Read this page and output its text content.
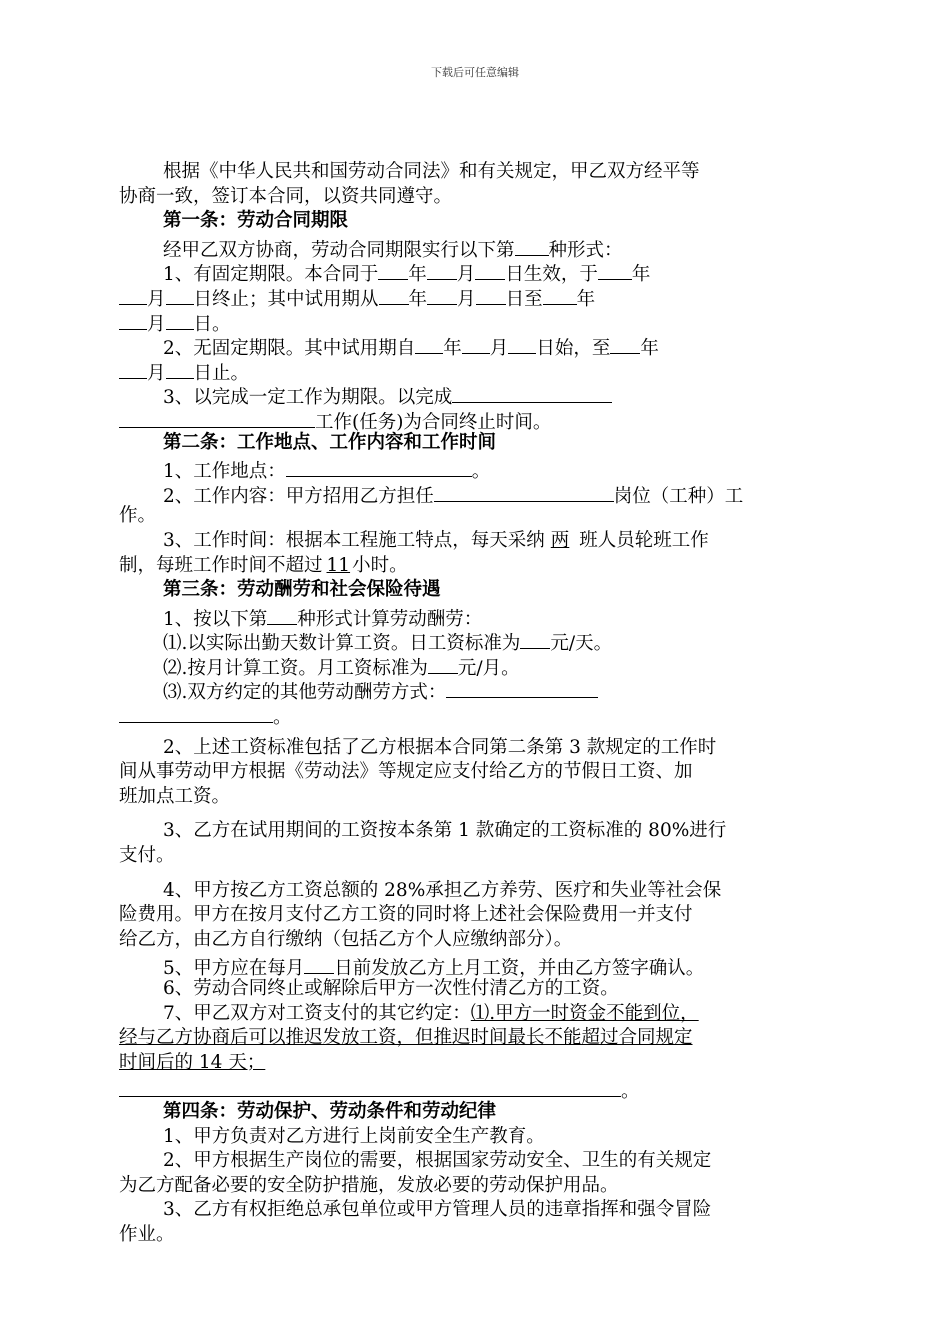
下载后可任意编辑
根据《中华人民共和国劳动合同法》和有关规定，甲乙双方经平等
协商一致，签订本合同，以资共同遵守。
第一条：劳动合同期限
经甲乙双方协商，劳动合同期限实行以下第 种形式：
1、有固定期限。本合同于 年 月 日生效，于 年
月 日终止；其中试用期从 年 月 日至 年
月 日。
2、无固定期限。其中试用期自 年 月 日始，至 年
月 日止。
3、以完成一定工作为期限。以完成
工作(任务)为合同终止时间。
第二条：工作地点、工作内容和工作时间
1、工作地点：	。
2、工作内容：甲方招用乙方担任	岗位（工种）工
作。
3、工作时间：根据本工程施工特点，每天采纳 两 班人员轮班工作
制，每班工作时间不超过 11 小时。
第三条：劳动酬劳和社会保险待遇
1、按以下第 种形式计算劳动酬劳：
⑴.以实际出勤天数计算工资。日工资标准为 元/天。
⑵.按月计算工资。月工资标准为 元/月。
⑶.双方约定的其他劳动酬劳方式：
。
2、上述工资标准包括了乙方根据本合同第二条第 3 款规定的工作时
间从事劳动甲方根据《劳动法》等规定应支付给乙方的节假日工资、加
班加点工资。
3、乙方在试用期间的工资按本条第 1 款确定的工资标准的 80%进行
支付。
4、甲方按乙方工资总额的 28%承担乙方养劳、医疗和失业等社会保
险费用。甲方在按月支付乙方工资的同时将上述社会保险费用一并支付
给乙方，由乙方自行缴纳（包括乙方个人应缴纳部分）。
5、甲方应在每月 日前发放乙方上月工资，并由乙方签字确认。
6、劳动合同终止或解除后甲方一次性付清乙方的工资。
7、甲乙双方对工资支付的其它约定：⑴.甲方一时资金不能到位，
经与乙方协商后可以推迟发放工资，但推迟时间最长不能超过合同规定
时间后的 14 天；
。
第四条：劳动保护、劳动条件和劳动纪律
1、甲方负责对乙方进行上岗前安全生产教育。
2、甲方根据生产岗位的需要，根据国家劳动安全、卫生的有关规定
为乙方配备必要的安全防护措施，发放必要的劳动保护用品。
3、乙方有权拒绝总承包单位或甲方管理人员的违章指挥和强令冒险
作业。
